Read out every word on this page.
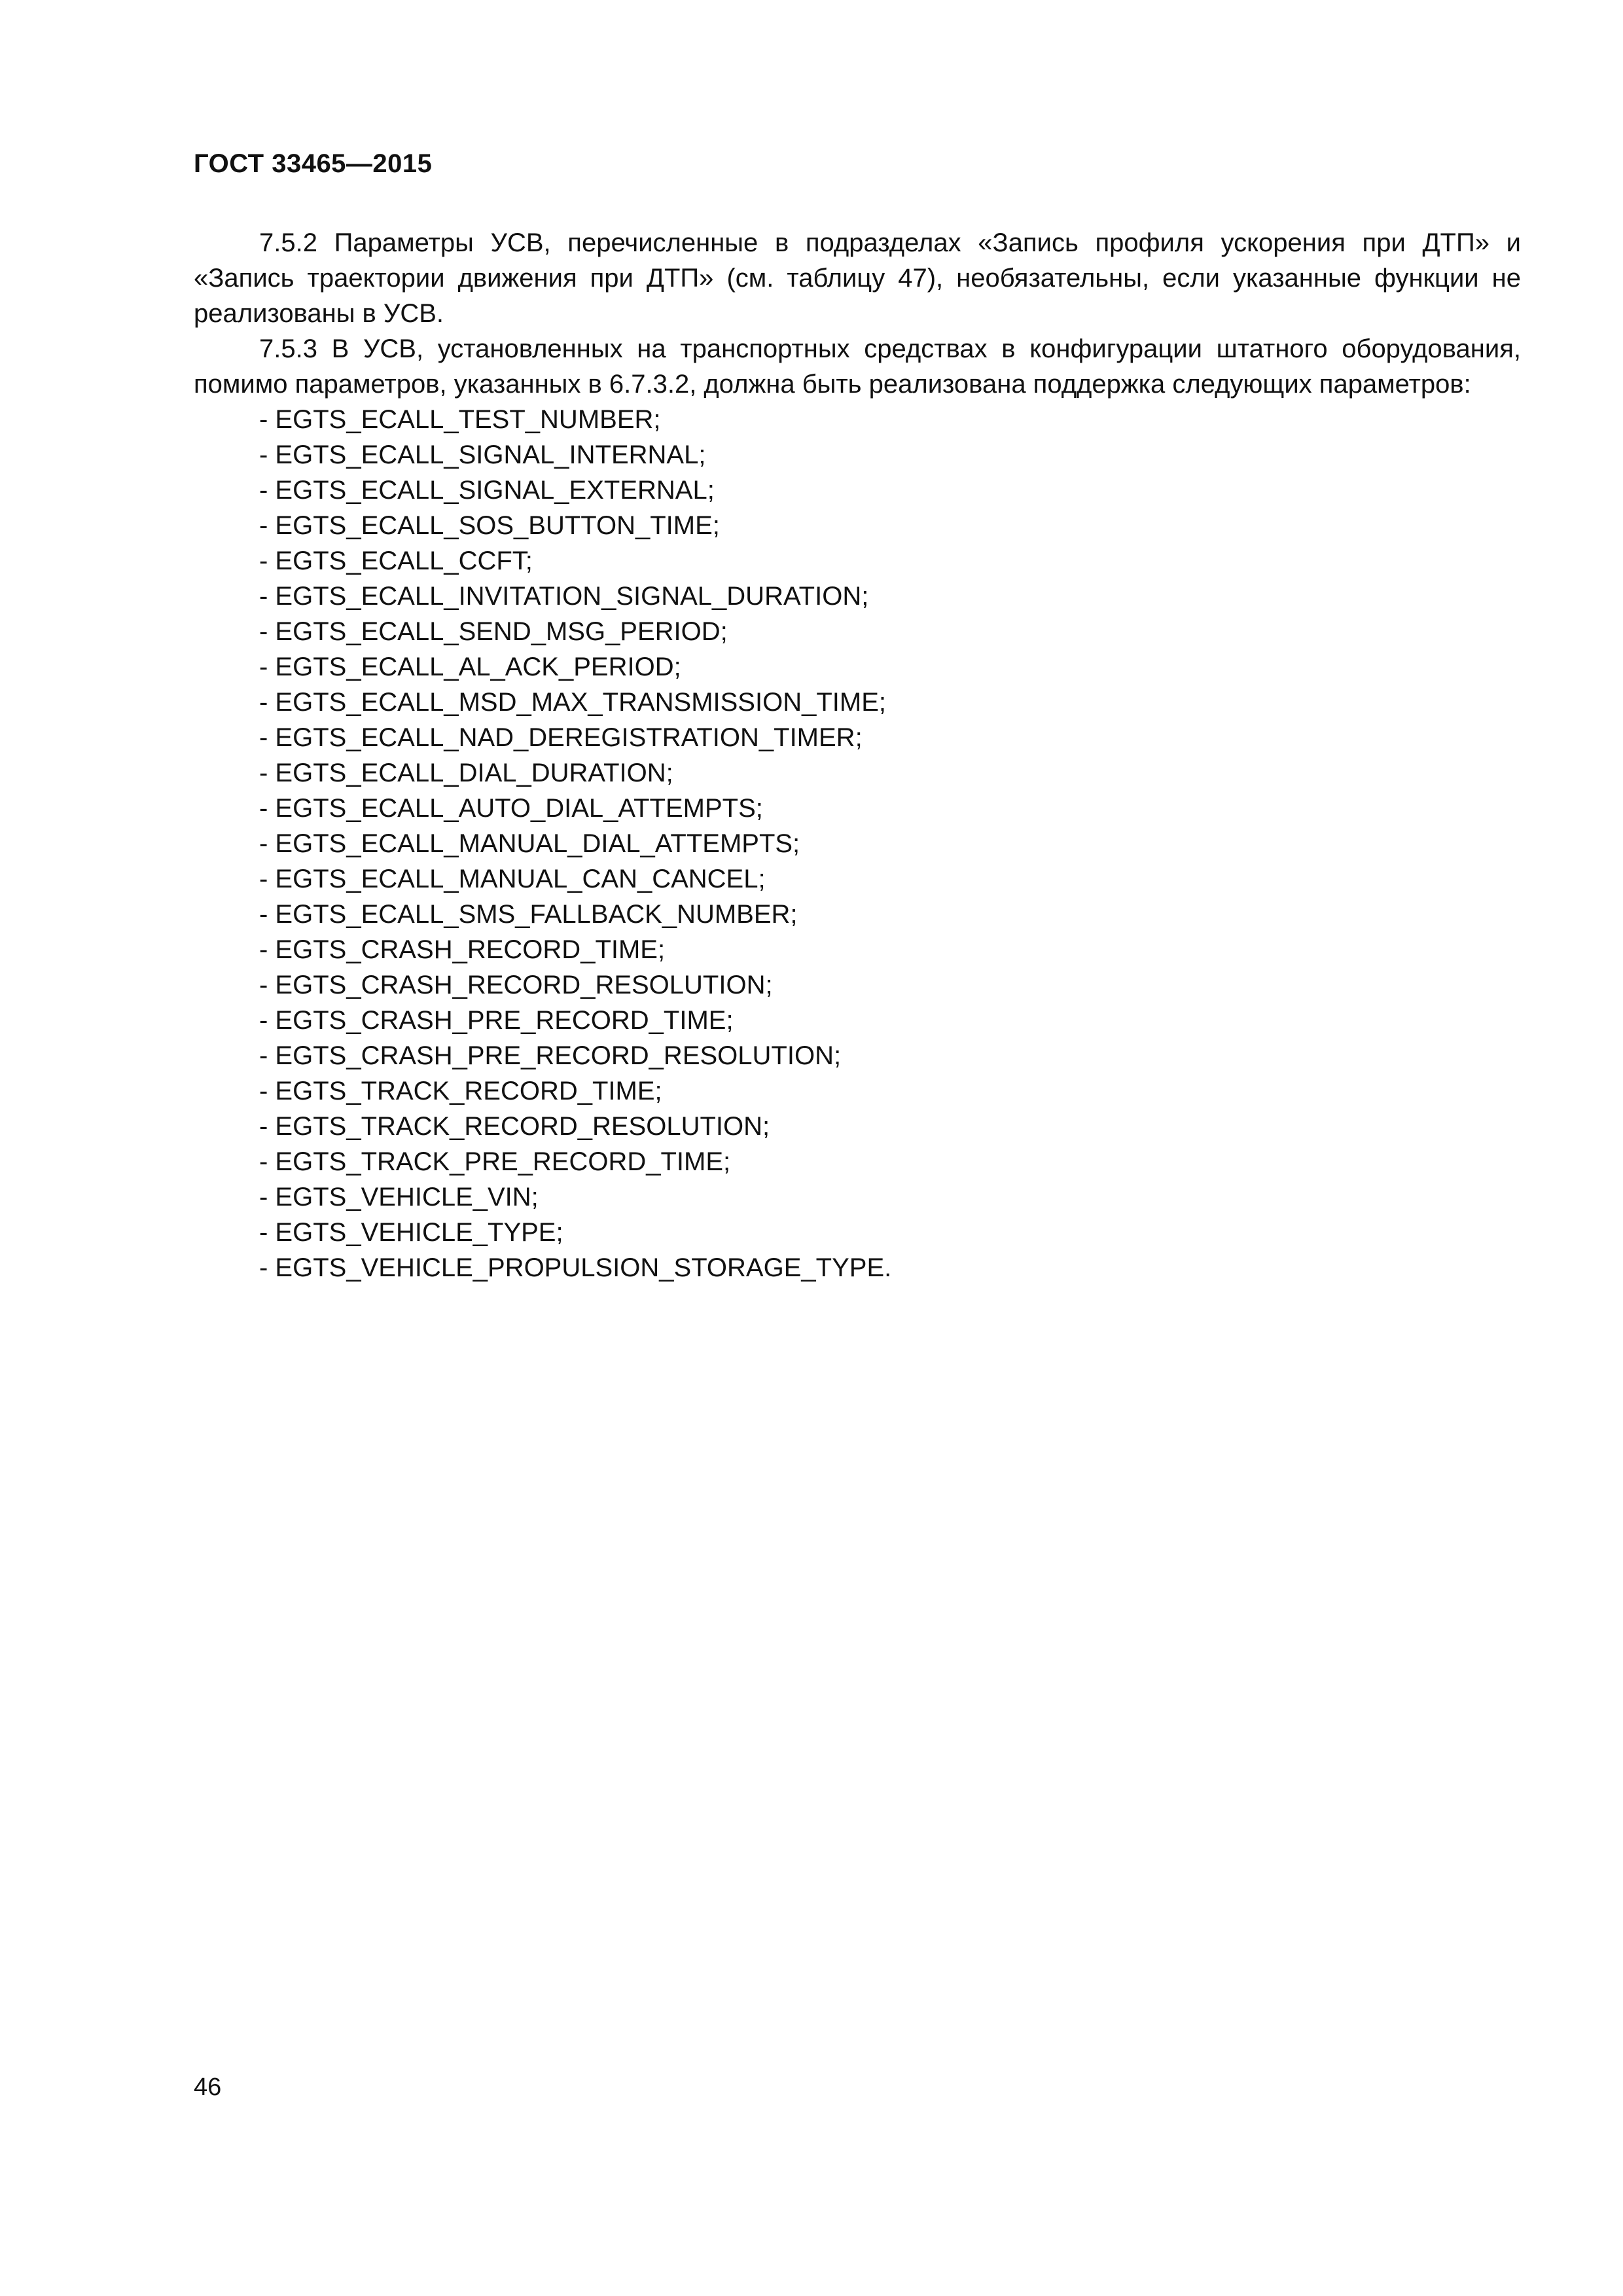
ГОСТ 33465—2015

7.5.2 Параметры УСВ, перечисленные в подразделах «Запись профиля ускорения при ДТП» и «Запись траектории движения при ДТП» (см. таблицу 47), необязательны, если указанные функции не реализованы в УСВ.

7.5.3 В УСВ, установленных на транспортных средствах в конфигурации штатного оборудования, помимо параметров, указанных в 6.7.3.2, должна быть реализована поддержка следующих параметров:

- EGTS_ECALL_TEST_NUMBER;
- EGTS_ECALL_SIGNAL_INTERNAL;
- EGTS_ECALL_SIGNAL_EXTERNAL;
- EGTS_ECALL_SOS_BUTTON_TIME;
- EGTS_ECALL_CCFT;
- EGTS_ECALL_INVITATION_SIGNAL_DURATION;
- EGTS_ECALL_SEND_MSG_PERIOD;
- EGTS_ECALL_AL_ACK_PERIOD;
- EGTS_ECALL_MSD_MAX_TRANSMISSION_TIME;
- EGTS_ECALL_NAD_DEREGISTRATION_TIMER;
- EGTS_ECALL_DIAL_DURATION;
- EGTS_ECALL_AUTO_DIAL_ATTEMPTS;
- EGTS_ECALL_MANUAL_DIAL_ATTEMPTS;
- EGTS_ECALL_MANUAL_CAN_CANCEL;
- EGTS_ECALL_SMS_FALLBACK_NUMBER;
- EGTS_CRASH_RECORD_TIME;
- EGTS_CRASH_RECORD_RESOLUTION;
- EGTS_CRASH_PRE_RECORD_TIME;
- EGTS_CRASH_PRE_RECORD_RESOLUTION;
- EGTS_TRACK_RECORD_TIME;
- EGTS_TRACK_RECORD_RESOLUTION;
- EGTS_TRACK_PRE_RECORD_TIME;
- EGTS_VEHICLE_VIN;
- EGTS_VEHICLE_TYPE;
- EGTS_VEHICLE_PROPULSION_STORAGE_TYPE.
46
